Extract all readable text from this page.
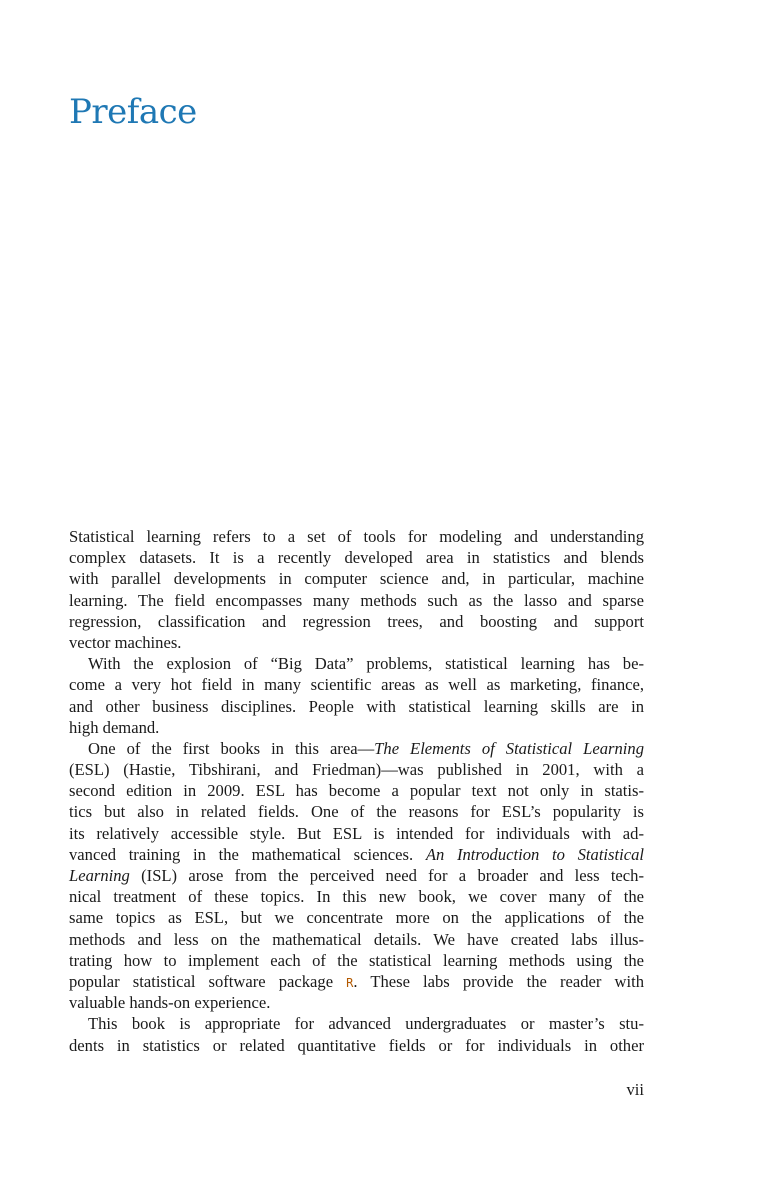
Preface
Statistical learning refers to a set of tools for modeling and understanding
complex datasets. It is a recently developed area in statistics and blends
with parallel developments in computer science and, in particular, machine
learning. The field encompasses many methods such as the lasso and sparse
regression, classification and regression trees, and boosting and support
vector machines.
With the explosion of “Big Data” problems, statistical learning has be-
come a very hot field in many scientific areas as well as marketing, finance,
and other business disciplines. People with statistical learning skills are in
high demand.
One of the first books in this area—The Elements of Statistical Learning
(ESL) (Hastie, Tibshirani, and Friedman)—was published in 2001, with a
second edition in 2009. ESL has become a popular text not only in statis-
tics but also in related fields. One of the reasons for ESL’s popularity is
its relatively accessible style. But ESL is intended for individuals with ad-
vanced training in the mathematical sciences. An Introduction to Statistical
Learning (ISL) arose from the perceived need for a broader and less tech-
nical treatment of these topics. In this new book, we cover many of the
same topics as ESL, but we concentrate more on the applications of the
methods and less on the mathematical details. We have created labs illus-
trating how to implement each of the statistical learning methods using the
popular statistical software package R. These labs provide the reader with
valuable hands-on experience.
This book is appropriate for advanced undergraduates or master’s stu-
dents in statistics or related quantitative fields or for individuals in other
vii
